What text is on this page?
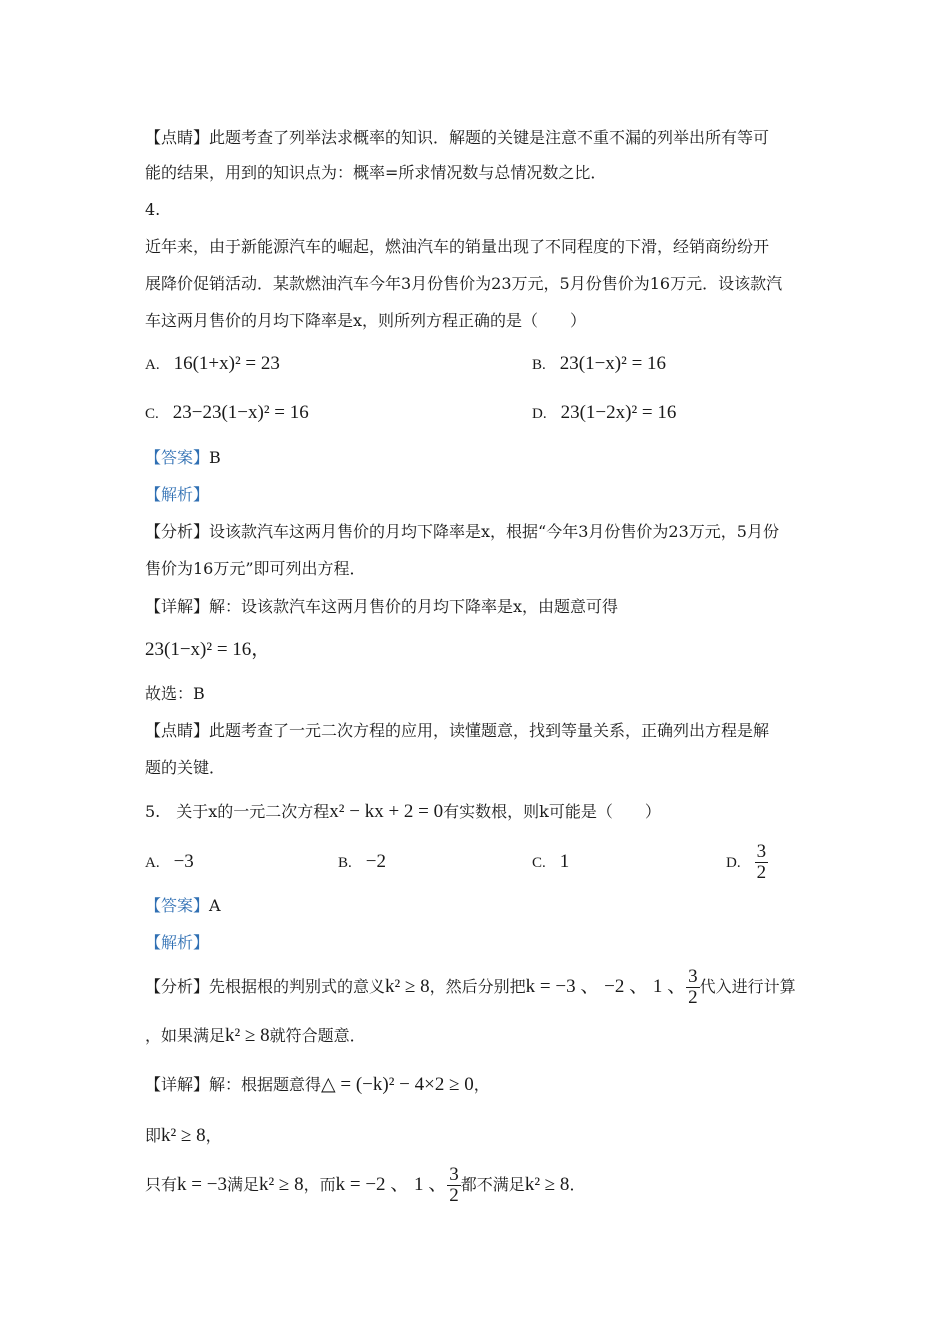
【点睛】此题考查了列举法求概率的知识．解题的关键是注意不重不漏的列举出所有等可
能的结果，用到的知识点为：概率=所求情况数与总情况数之比．
4.
近年来，由于新能源汽车的崛起，燃油汽车的销量出现了不同程度的下滑，经销商纷纷开
展降价促销活动．某款燃油汽车今年3月份售价为23万元，5月份售价为16万元．设该款汽
车这两月售价的月均下降率是x，则所列方程正确的是（　　）
A. 16(1+x)² = 23	B. 23(1−x)² = 16
C. 23−23(1−x)² = 16	D. 23(1−2x)² = 16
【答案】B
【解析】
【分析】设该款汽车这两月售价的月均下降率是x，根据“今年3月份售价为23万元，5月份
售价为16万元”即可列出方程．
【详解】解：设该款汽车这两月售价的月均下降率是x，由题意可得
23(1−x)² = 16，
故选：B
【点睛】此题考查了一元二次方程的应用，读懂题意，找到等量关系，正确列出方程是解
题的关键．
5.　关于x的一元二次方程x² − kx + 2 = 0有实数根，则k可能是（　　）
A. −3	B. −2	C. 1	D. $\frac{3}{2}$
【答案】A
【解析】
【分析】先根据根的判别式的意义k² ≥ 8，然后分别把k = −3 、 −2 、 1 、 $\frac{3}{2}$ 代入进行计算
，如果满足k² ≥ 8就符合题意．
【详解】解：根据题意得△ = (−k)² − 4×2 ≥ 0，
即k² ≥ 8，
只有k = −3满足k² ≥ 8，而k = −2 、 1 、 $\frac{3}{2}$ 都不满足k² ≥ 8．
